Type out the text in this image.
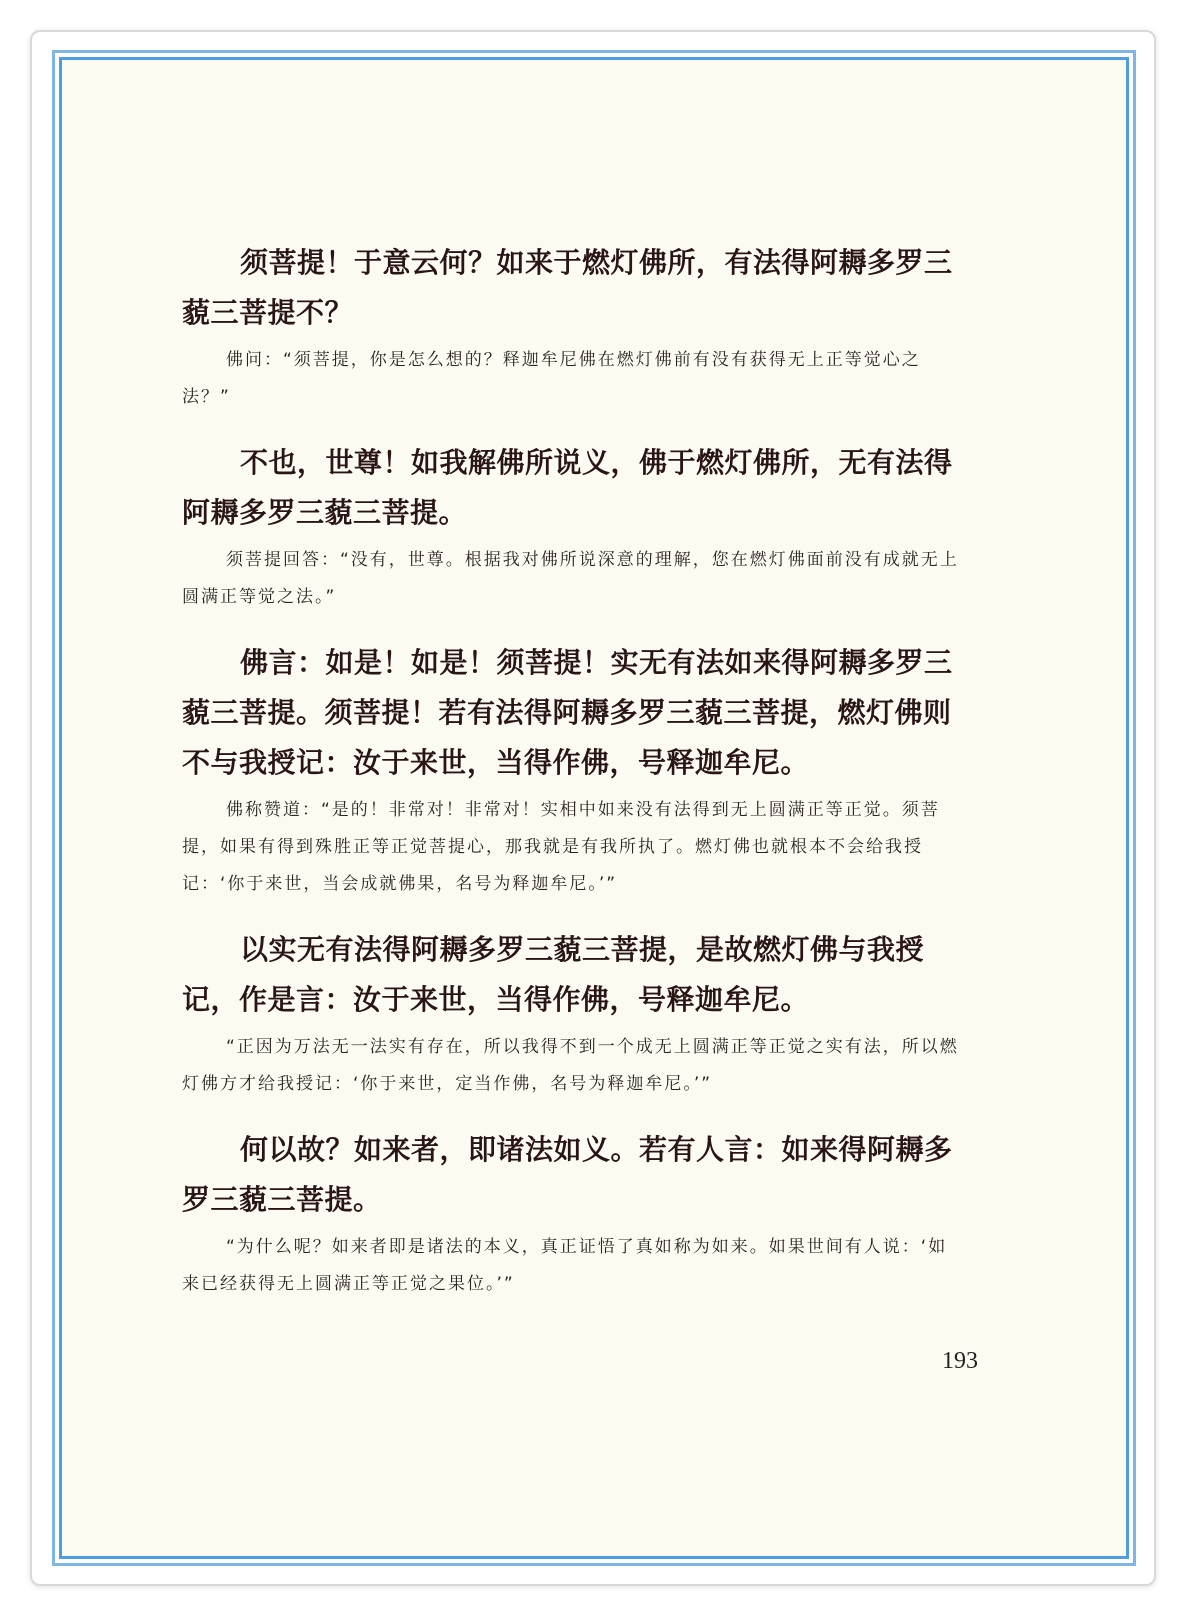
须菩提！于意云何？如来于燃灯佛所，有法得阿耨多罗三藐三菩提不？

佛问：“须菩提，你是怎么想的？释迦牟尼佛在燃灯佛前有没有获得无上正等觉心之法？”

不也，世尊！如我解佛所说义，佛于燃灯佛所，无有法得阿耨多罗三藐三菩提。

须菩提回答：“没有，世尊。根据我对佛所说深意的理解，您在燃灯佛面前没有成就无上圆满正等觉之法。”

佛言：如是！如是！须菩提！实无有法如来得阿耨多罗三藐三菩提。须菩提！若有法得阿耨多罗三藐三菩提，燃灯佛则不与我授记：汝于来世，当得作佛，号释迦牟尼。

佛称赞道：“是的！非常对！非常对！实相中如来没有法得到无上圆满正等正觉。须菩提，如果有得到殊胜正等正觉菩提心，那我就是有我所执了。燃灯佛也就根本不会给我授记：‘你于来世，当会成就佛果，名号为释迦牟尼。’”

以实无有法得阿耨多罗三藐三菩提，是故燃灯佛与我授记，作是言：汝于来世，当得作佛，号释迦牟尼。

“正因为万法无一法实有存在，所以我得不到一个成无上圆满正等正觉之实有法，所以燃灯佛方才给我授记：‘你于来世，定当作佛，名号为释迦牟尼。’”

何以故？如来者，即诸法如义。若有人言：如来得阿耨多罗三藐三菩提。

“为什么呢？如来者即是诸法的本义，真正证悟了真如称为如来。如果世间有人说：‘如来已经获得无上圆满正等正觉之果位。’”

193
